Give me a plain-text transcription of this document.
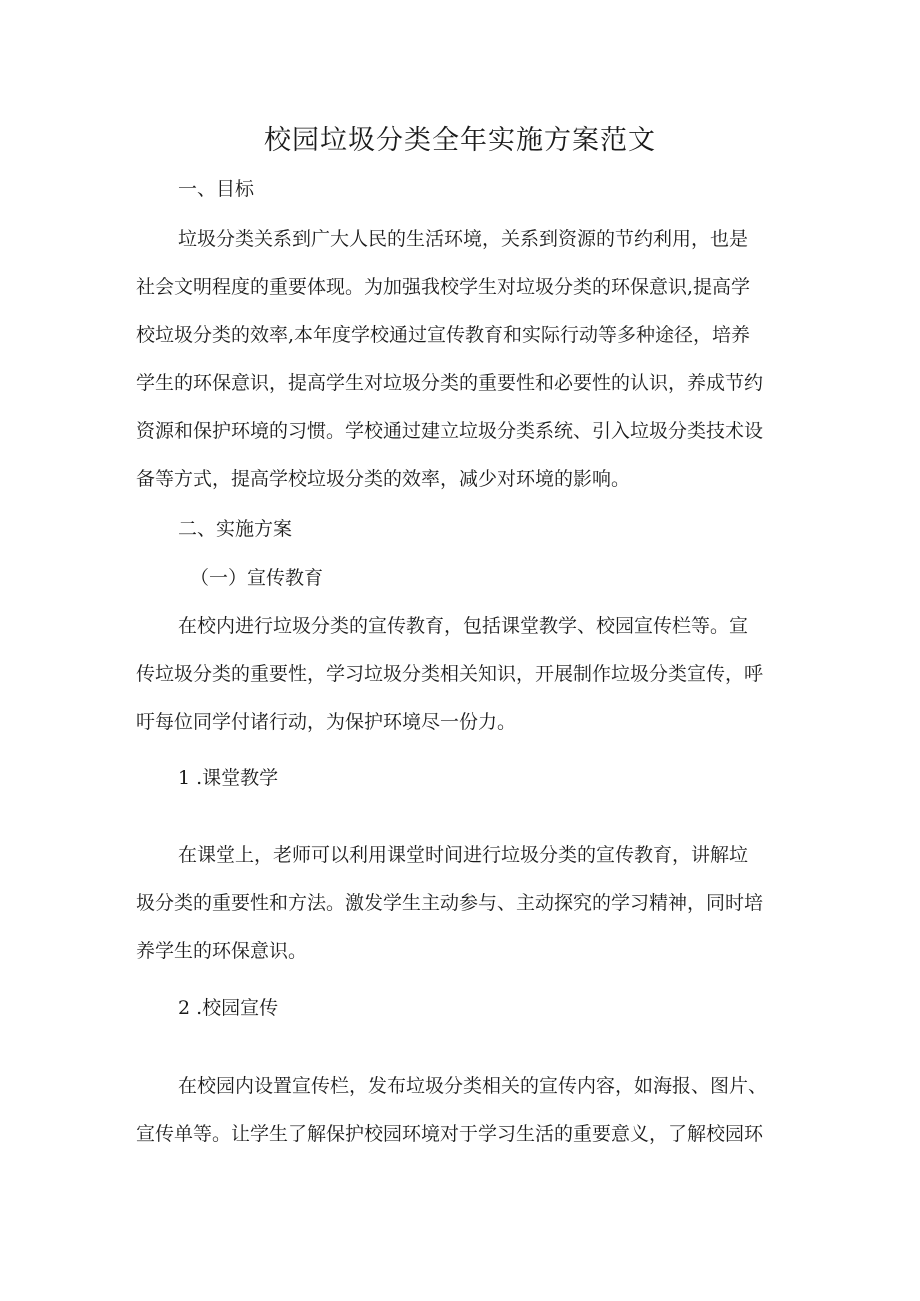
校园垃圾分类全年实施方案范文

一、目标

垃圾分类关系到广大人民的生活环境，关系到资源的节约利用，也是

社会文明程度的重要体现。为加强我校学生对垃圾分类的环保意识,提高学

校垃圾分类的效率,本年度学校通过宣传教育和实际行动等多种途径，培养

学生的环保意识，提高学生对垃圾分类的重要性和必要性的认识，养成节约

资源和保护环境的习惯。学校通过建立垃圾分类系统、引入垃圾分类技术设

备等方式，提高学校垃圾分类的效率，减少对环境的影响。

二、实施方案

（一）宣传教育

在校内进行垃圾分类的宣传教育，包括课堂教学、校园宣传栏等。宣

传垃圾分类的重要性，学习垃圾分类相关知识，开展制作垃圾分类宣传，呼

吁每位同学付诸行动，为保护环境尽一份力。

1 .课堂教学

在课堂上，老师可以利用课堂时间进行垃圾分类的宣传教育，讲解垃

圾分类的重要性和方法。激发学生主动参与、主动探究的学习精神，同时培

养学生的环保意识。

2 .校园宣传

在校园内设置宣传栏，发布垃圾分类相关的宣传内容，如海报、图片、

宣传单等。让学生了解保护校园环境对于学习生活的重要意义，了解校园环
